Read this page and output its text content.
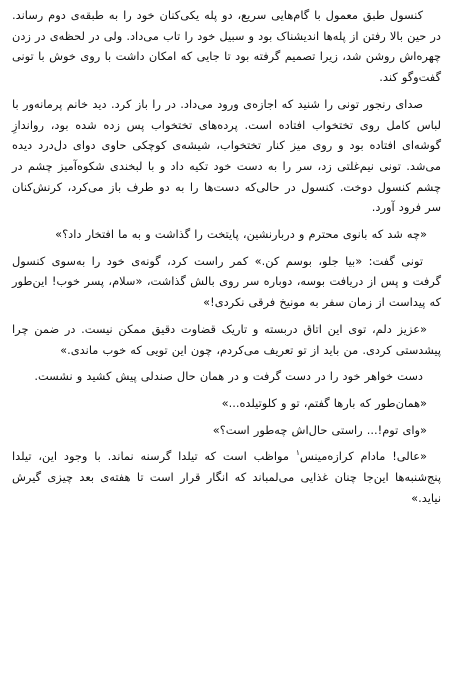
کنسول طبق معمول با گام‌هایی سریع، دو پله یکی‌کنان خود را به طبقه‌ی دوم رساند. در حین بالا رفتن از پله‌ها اندیشناک بود و سبیل خود را تاب می‌داد. ولی در لحظه‌ی در زدن چهره‌اش روشن شد، زیرا تصمیم گرفته بود تا جایی که امکان داشت با روی خوش با تونی گفت‌وگو کند.

صدای رنجور تونی را شنید که اجازه‌ی ورود می‌داد. در را باز کرد. دید خانم پرمانه‌ور با لباس کامل روی تختخواب افتاده است. پرده‌های تختخواب پس زده شده بود، رواندازِ گوشه‌ای افتاده بود و روی میز کنار تختخواب، شیشه‌ی کوچکی حاوی دوای دل‌درد دیده می‌شد. تونی نیم‌غلتی زد، سر را به دست خود تکیه داد و با لبخندی شکوه‌آمیز چشم در چشم کنسول دوخت. کنسول در حالی‌که دست‌ها را به دو طرف باز می‌کرد، کرنش‌کنان سر فرود آورد.

«چه شد که بانوی محترم و دربارنشین، پایتخت را گذاشت و به ما افتخار داد؟»

تونی گفت: «بیا جلو، بوسم کن.» کمر راست کرد، گونه‌ی خود را به‌سوی کنسول گرفت و پس از دریافت بوسه، دوباره سر روی بالش گذاشت، «سلام، پسر خوب! این‌طور که پیداست از زمان سفر به مونیخ فرقی نکردی!»

«عزیز دلم، توی این اتاق دربسته و تاریک قضاوت دقیق ممکن نیست. در ضمن چرا پیشدستی کردی. من باید از تو تعریف می‌کردم، چون این تویی که خوب ماندی.»

دست خواهر خود را در دست گرفت و در همان حال صندلی پیش کشید و نشست.

«همان‌طور که بارها گفتم، تو و کلوتیلده...»

«وای توم!... راستی حال‌اش چه‌طور است؟»

«عالی! مادام کرازه‌مینس$^۱$ مواظب است که تیلدا گرسنه نماند. با وجود این، تیلدا پنج‌شنبه‌ها این‌جا چنان غذایی می‌لمباند که انگار قرار است تا هفته‌ی بعد چیزی گیرش نیاید.»
